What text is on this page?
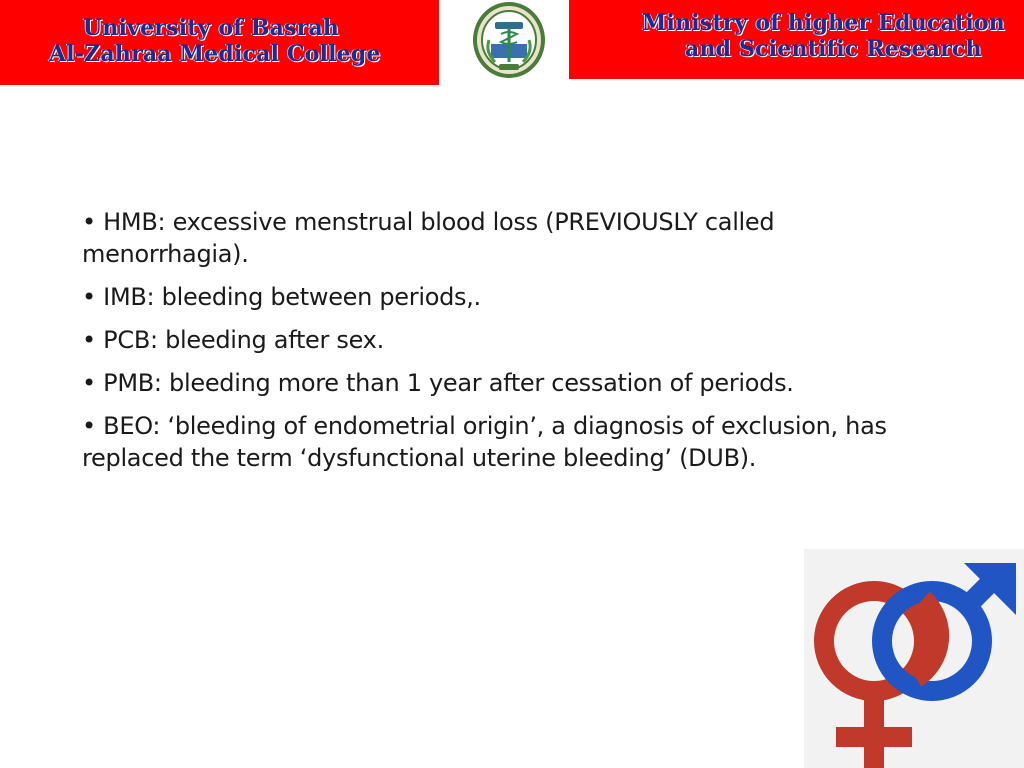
University of Basrah
Al-Zahraa Medical College
Ministry of higher Education
and Scientific Research

• HMB: excessive menstrual blood loss (PREVIOUSLY called menorrhagia).

• IMB: bleeding between periods,.

• PCB: bleeding after sex.

• PMB: bleeding more than 1 year after cessation of periods.

• BEO: ‘bleeding of endometrial origin’, a diagnosis of exclusion, has replaced the term ‘dysfunctional uterine bleeding’ (DUB).
